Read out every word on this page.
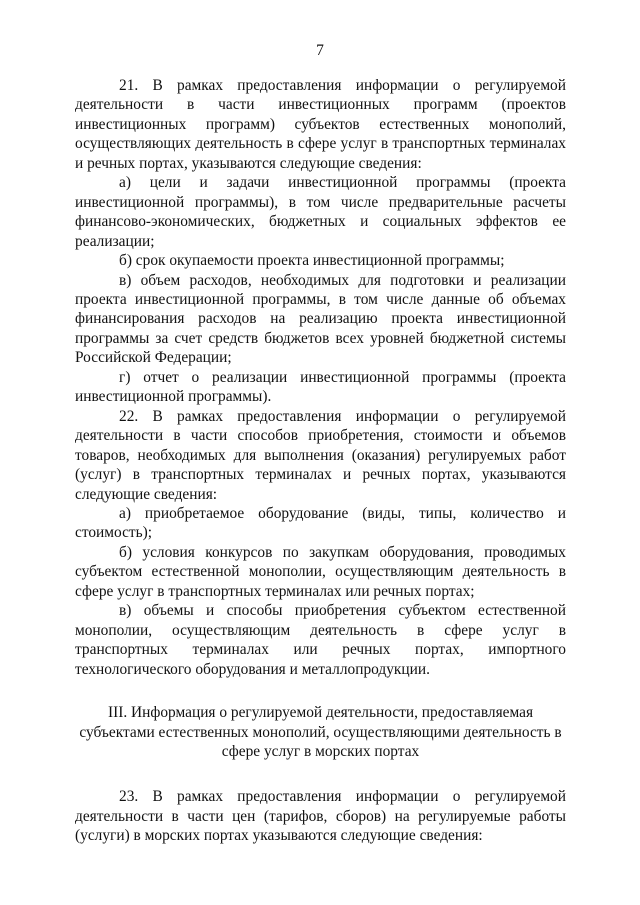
7

21. В рамках предоставления информации о регулируемой деятельности в части инвестиционных программ (проектов инвестиционных программ) субъектов естественных монополий, осуществляющих деятельность в сфере услуг в транспортных терминалах и речных портах, указываются следующие сведения:

а) цели и задачи инвестиционной программы (проекта инвестиционной программы), в том числе предварительные расчеты финансово-экономических, бюджетных и социальных эффектов ее реализации;

б) срок окупаемости проекта инвестиционной программы;

в) объем расходов, необходимых для подготовки и реализации проекта инвестиционной программы, в том числе данные об объемах финансирования расходов на реализацию проекта инвестиционной программы за счет средств бюджетов всех уровней бюджетной системы Российской Федерации;

г) отчет о реализации инвестиционной программы (проекта инвестиционной программы).

22. В рамках предоставления информации о регулируемой деятельности в части способов приобретения, стоимости и объемов товаров, необходимых для выполнения (оказания) регулируемых работ (услуг) в транспортных терминалах и речных портах, указываются следующие сведения:

а) приобретаемое оборудование (виды, типы, количество и стоимость);

б) условия конкурсов по закупкам оборудования, проводимых субъектом естественной монополии, осуществляющим деятельность в сфере услуг в транспортных терминалах или речных портах;

в) объемы и способы приобретения субъектом естественной монополии, осуществляющим деятельность в сфере услуг в транспортных терминалах или речных портах, импортного технологического оборудования и металлопродукции.

III. Информация о регулируемой деятельности, предоставляемая субъектами естественных монополий, осуществляющими деятельность в сфере услуг в морских портах

23. В рамках предоставления информации о регулируемой деятельности в части цен (тарифов, сборов) на регулируемые работы (услуги) в морских портах указываются следующие сведения:
